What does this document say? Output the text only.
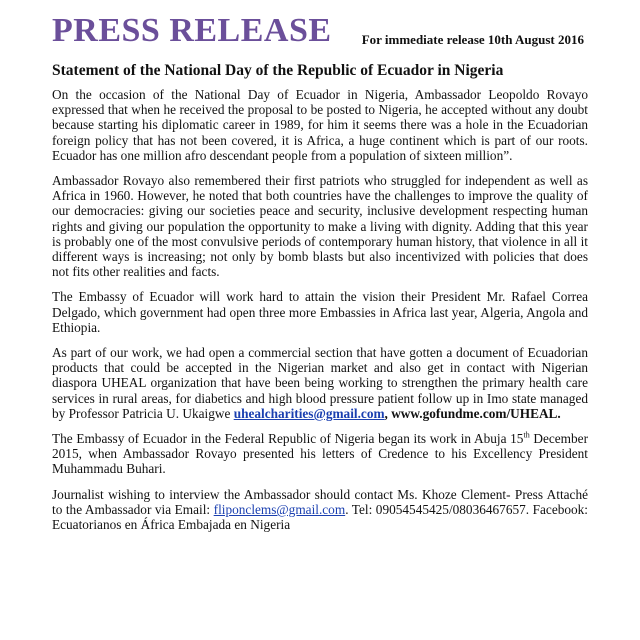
PRESS RELEASE For immediate release 10th August 2016
Statement of the National Day of the Republic of Ecuador in Nigeria

On the occasion of the National Day of Ecuador in Nigeria, Ambassador Leopoldo Rovayo expressed that when he received the proposal to be posted to Nigeria, he accepted without any doubt because starting his diplomatic career in 1989, for him it seems there was a hole in the Ecuadorian foreign policy that has not been covered, it is Africa, a huge continent which is part of our roots. Ecuador has one million afro descendant people from a population of sixteen million”.

Ambassador Rovayo also remembered their first patriots who struggled for independent as well as Africa in 1960. However, he noted that both countries have the challenges to improve the quality of our democracies: giving our societies peace and security, inclusive development respecting human rights and giving our population the opportunity to make a living with dignity. Adding that this year is probably one of the most convulsive periods of contemporary human history, that violence in all it different ways is increasing; not only by bomb blasts but also incentivized with policies that does not fits other realities and facts.

The Embassy of Ecuador will work hard to attain the vision their President Mr. Rafael Correa Delgado, which government had open three more Embassies in Africa last year, Algeria, Angola and Ethiopia.

As part of our work, we had open a commercial section that have gotten a document of Ecuadorian products that could be accepted in the Nigerian market and also get in contact with Nigerian diaspora UHEAL organization that have been being working to strengthen the primary health care services in rural areas, for diabetics and high blood pressure patient follow up in Imo state managed by Professor Patricia U. Ukaigwe uhealcharities@gmail.com, www.gofundme.com/UHEAL.

The Embassy of Ecuador in the Federal Republic of Nigeria began its work in Abuja 15th December 2015, when Ambassador Rovayo presented his letters of Credence to his Excellency President Muhammadu Buhari.

Journalist wishing to interview the Ambassador should contact Ms. Khoze Clement- Press Attaché to the Ambassador via Email: fliponclems@gmail.com. Tel: 09054545425/08036467657. Facebook: Ecuatorianos en África Embajada en Nigeria
